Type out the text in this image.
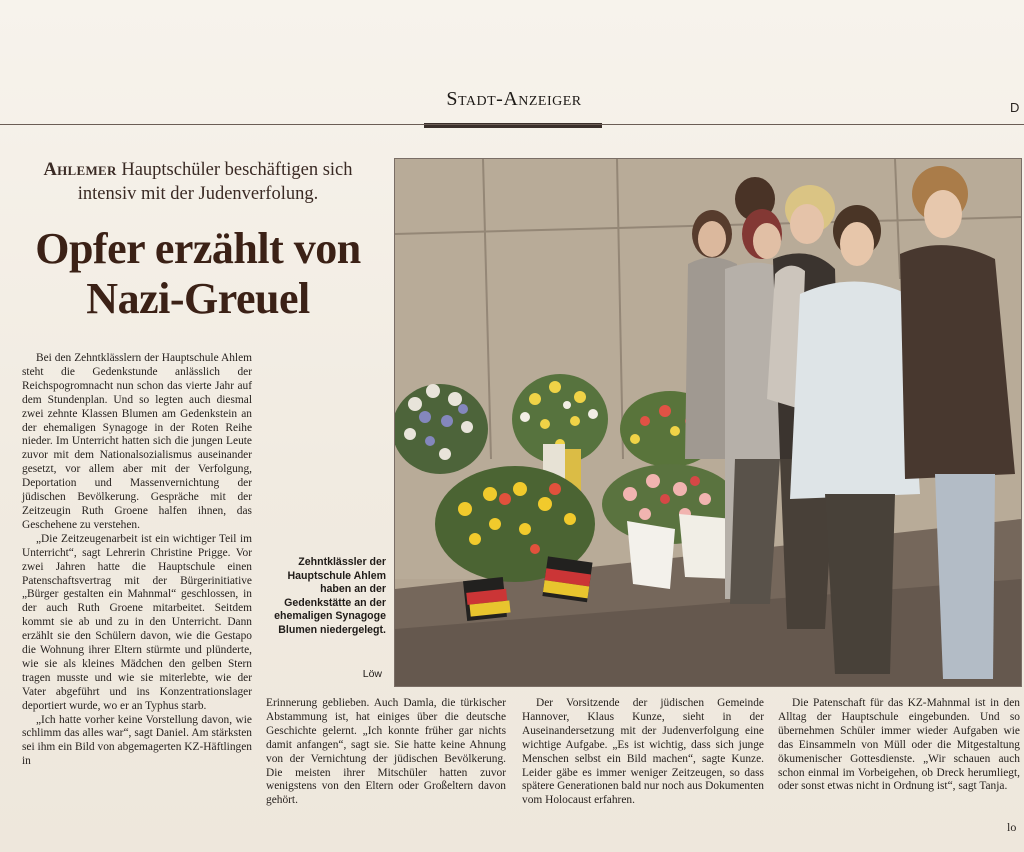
Stadt-Anzeiger	D
Ahlemer Hauptschüler beschäftigen sich intensiv mit der Judenverfolung.
Opfer erzählt von Nazi-Greuel

Bei den Zehntklässlern der Hauptschule Ahlem steht die Gedenkstunde anlässlich der Reichspogromnacht nun schon das vierte Jahr auf dem Stundenplan. Und so legten auch diesmal zwei zehnte Klassen Blumen am Gedenkstein an der ehemaligen Synagoge in der Roten Reihe nieder. Im Unterricht hatten sich die jungen Leute zuvor mit dem Nationalsozialismus auseinander gesetzt, vor allem aber mit der Verfolgung, Deportation und Massenvernichtung der jüdischen Bevölkerung. Gespräche mit der Zeitzeugin Ruth Groene halfen ihnen, das Geschehene zu verstehen.

„Die Zeitzeugenarbeit ist ein wichtiger Teil im Unterricht“, sagt Lehrerin Christine Prigge. Vor zwei Jahren hatte die Hauptschule einen Patenschaftsvertrag mit der Bürgerinitiative „Bürger gestalten ein Mahnmal“ geschlossen, in der auch Ruth Groene mitarbeitet. Seitdem kommt sie ab und zu in den Unterricht. Dann erzählt sie den Schülern davon, wie die Gestapo die Wohnung ihrer Eltern stürmte und plünderte, wie sie als kleines Mädchen den gelben Stern tragen musste und wie sie miterlebte, wie der Vater abgeführt und ins Konzentrationslager deportiert wurde, wo er an Typhus starb.

„Ich hatte vorher keine Vorstellung davon, wie schlimm das alles war“, sagt Daniel. Am stärksten sei ihm ein Bild von abgemagerten KZ-Häftlingen in

Erinnerung geblieben. Auch Damla, die türkischer Abstammung ist, hat einiges über die deutsche Geschichte gelernt. „Ich konnte früher gar nichts damit anfangen“, sagt sie. Sie hatte keine Ahnung von der Vernichtung der jüdischen Bevölkerung. Die meisten ihrer Mitschüler hatten zuvor wenigstens von den Eltern oder Großeltern davon gehört.

Der Vorsitzende der jüdischen Gemeinde Hannover, Klaus Kunze, sieht in der Auseinandersetzung mit der Judenverfolgung eine wichtige Aufgabe. „Es ist wichtig, dass sich junge Menschen selbst ein Bild machen“, sagte Kunze. Leider gäbe es immer weniger Zeitzeugen, so dass spätere Generationen bald nur noch aus Dokumenten vom Holocaust erfahren.

Die Patenschaft für das KZ-Mahnmal ist in den Alltag der Hauptschule eingebunden. Und so übernehmen Schüler immer wieder Aufgaben wie das Einsammeln von Müll oder die Mitgestaltung ökumenischer Gottesdienste. „Wir schauen auch schon einmal im Vorbeigehen, ob Dreck herumliegt, oder sonst etwas nicht in Ordnung ist“, sagt Tanja.

lo
Zehntklässler der Hauptschule Ahlem haben an der Gedenkstätte an der ehemaligen Synagoge Blumen niedergelegt.
Löw
